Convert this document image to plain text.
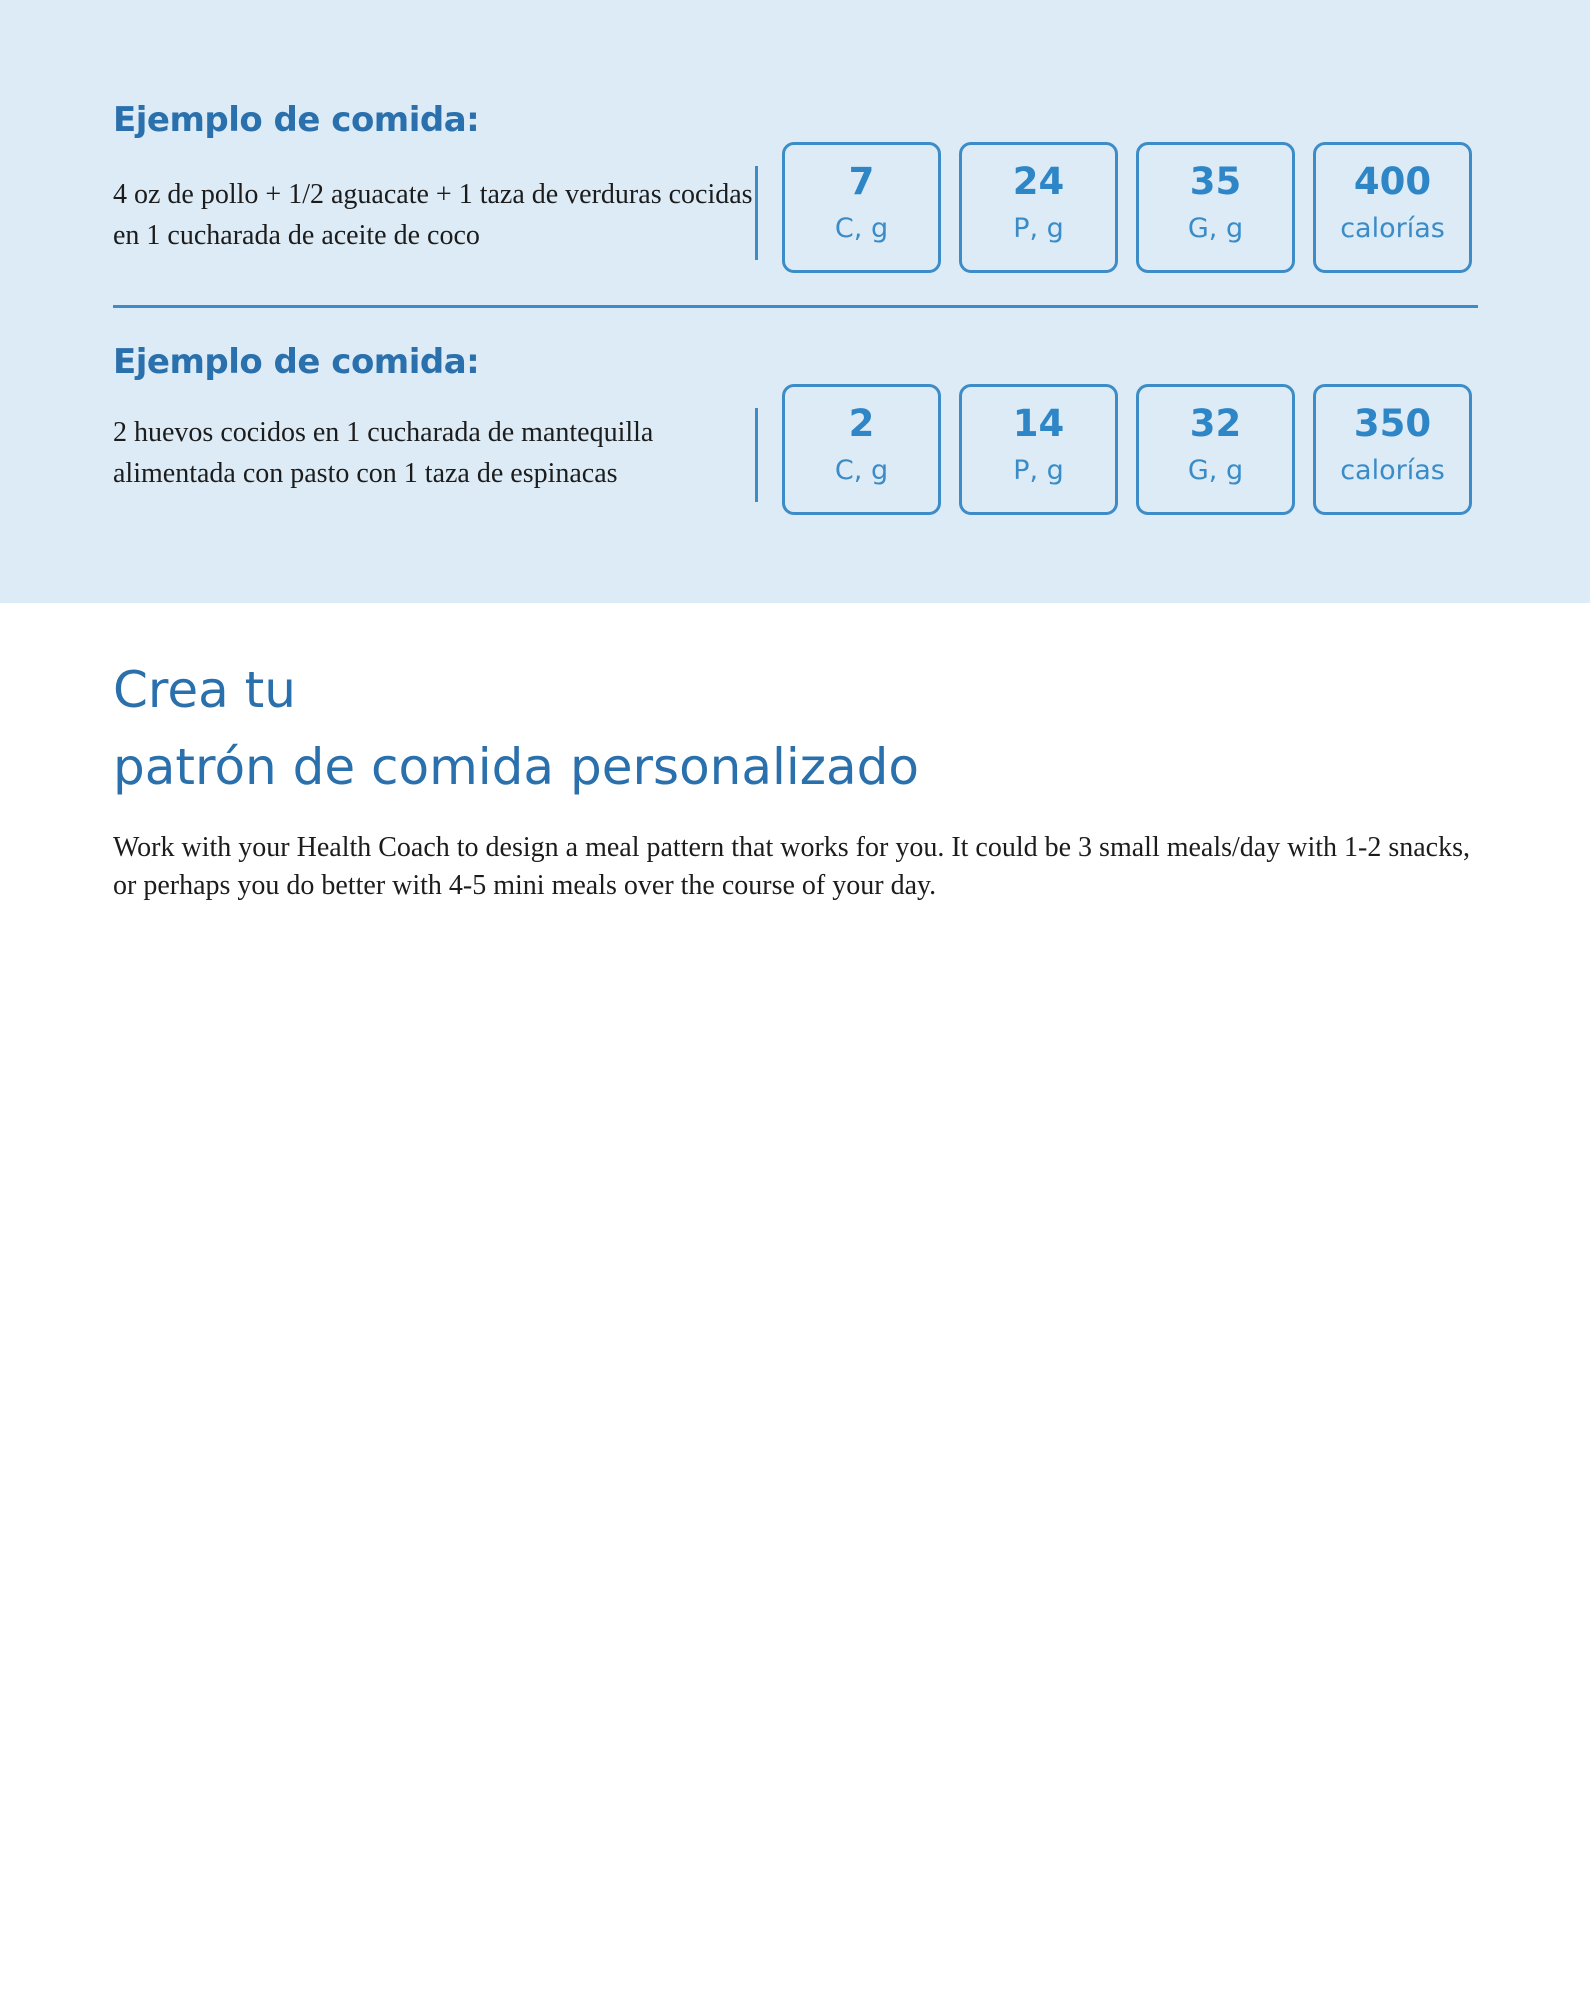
Ejemplo de comida:

4 oz de pollo + 1/2 aguacate + 1 taza de verduras cocidas en 1 cucharada de aceite de coco

7
C, g
24
P, g
35
G, g
400
calorías
Ejemplo de comida:

2 huevos cocidos en 1 cucharada de mantequilla alimentada con pasto con 1 taza de espinacas

2
C, g
14
P, g
32
G, g
350
calorías
Crea tu
patrón de comida personalizado

Work with your Health Coach to design a meal pattern that works for you. It could be 3 small meals/day with 1-2 snacks, or perhaps you do better with 4-5 mini meals over the course of your day.
